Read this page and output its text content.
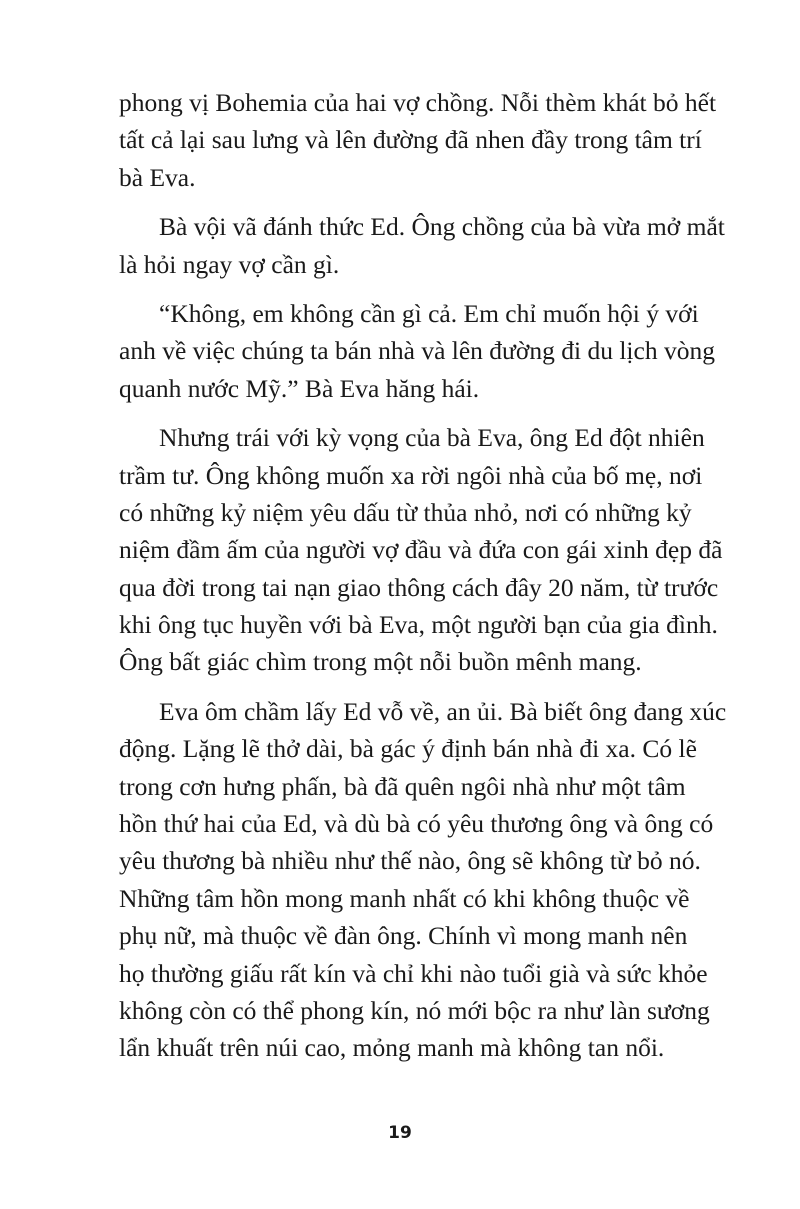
phong vị Bohemia của hai vợ chồng. Nỗi thèm khát bỏ hết
tất cả lại sau lưng và lên đường đã nhen đầy trong tâm trí
bà Eva.

Bà vội vã đánh thức Ed. Ông chồng của bà vừa mở mắt
là hỏi ngay vợ cần gì.

“Không, em không cần gì cả. Em chỉ muốn hội ý với
anh về việc chúng ta bán nhà và lên đường đi du lịch vòng
quanh nước Mỹ.” Bà Eva hăng hái.

Nhưng trái với kỳ vọng của bà Eva, ông Ed đột nhiên
trầm tư. Ông không muốn xa rời ngôi nhà của bố mẹ, nơi
có những kỷ niệm yêu dấu từ thủa nhỏ, nơi có những kỷ
niệm đầm ấm của người vợ đầu và đứa con gái xinh đẹp đã
qua đời trong tai nạn giao thông cách đây 20 năm, từ trước
khi ông tục huyền với bà Eva, một người bạn của gia đình.
Ông bất giác chìm trong một nỗi buồn mênh mang.

Eva ôm chầm lấy Ed vỗ về, an ủi. Bà biết ông đang xúc
động. Lặng lẽ thở dài, bà gác ý định bán nhà đi xa. Có lẽ
trong cơn hưng phấn, bà đã quên ngôi nhà như một tâm
hồn thứ hai của Ed, và dù bà có yêu thương ông và ông có
yêu thương bà nhiều như thế nào, ông sẽ không từ bỏ nó.
Những tâm hồn mong manh nhất có khi không thuộc về
phụ nữ, mà thuộc về đàn ông. Chính vì mong manh nên
họ thường giấu rất kín và chỉ khi nào tuổi già và sức khỏe
không còn có thể phong kín, nó mới bộc ra như làn sương
lẩn khuất trên núi cao, mỏng manh mà không tan nổi.

19
